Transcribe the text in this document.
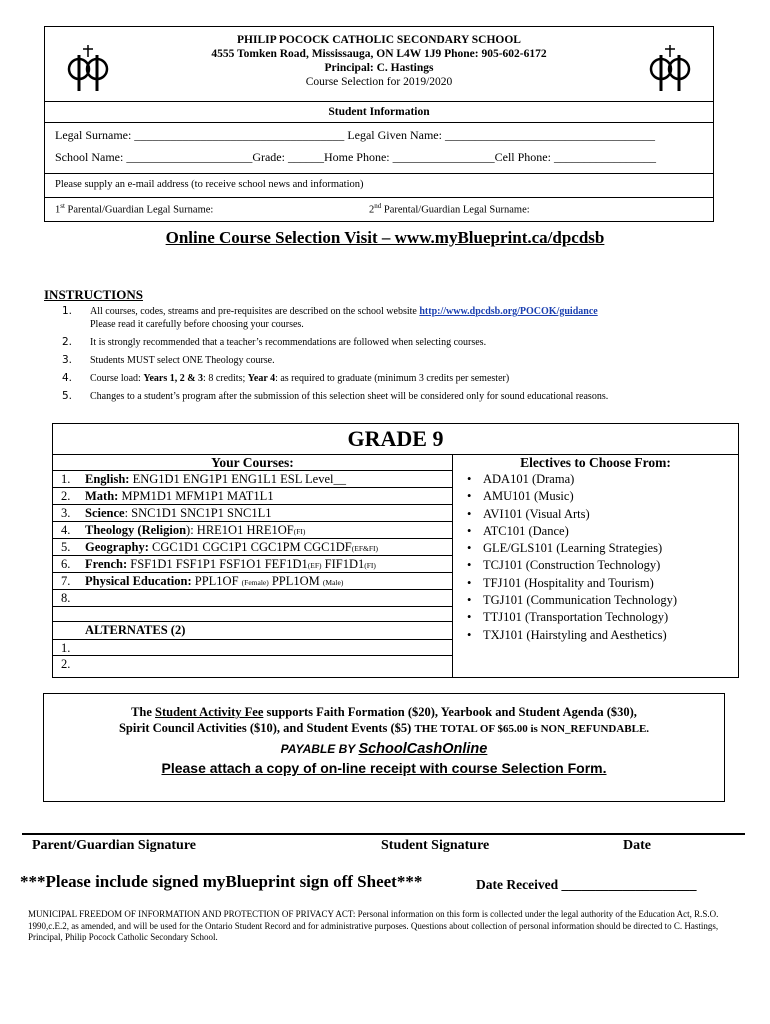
PHILIP POCOCK CATHOLIC SECONDARY SCHOOL
4555 Tomken Road, Mississauga, ON L4W 1J9 Phone: 905-602-6172
Principal: C. Hastings
Course Selection for 2019/2020
Student Information
Legal Surname: ___________________________________ Legal Given Name: ___________________________________
School Name: _____________________Grade: ______Home Phone: _________________Cell Phone: _________________
Please supply an e-mail address (to receive school news and information)
1st Parental/Guardian Legal Surname:	2nd Parental/Guardian Legal Surname:
Online Course Selection Visit – www.myBlueprint.ca/dpcdsb
INSTRUCTIONS
1.	All courses, codes, streams and pre-requisites are described on the school website http://www.dpcdsb.org/POCOK/guidance
Please read it carefully before choosing your courses.
2.	It is strongly recommended that a teacher’s recommendations are followed when selecting courses.
3.	Students MUST select ONE Theology course.
4.	Course load: Years 1, 2 & 3: 8 credits; Year 4: as required to graduate (minimum 3 credits per semester)
5.	Changes to a student’s program after the submission of this selection sheet will be considered only for sound educational reasons.
GRADE 9
Your Courses:
1. English: ENG1D1 ENG1P1 ENG1L1 ESL Level__
2. Math: MPM1D1 MFM1P1 MAT1L1
3. Science: SNC1D1 SNC1P1 SNC1L1
4. Theology (Religion): HRE1O1 HRE1OF(FI)
5. Geography: CGC1D1 CGC1P1 CGC1PM CGC1DF(EF&FI)
6. French: FSF1D1 FSF1P1 FSF1O1 FEF1D1(EF) FIF1D1(FI)
7. Physical Education: PPL1OF (Female) PPL1OM (Male)
8.
ALTERNATES (2)
1.
2.
Electives to Choose From:
• ADA101 (Drama)
• AMU101 (Music)
• AVI101 (Visual Arts)
• ATC101 (Dance)
• GLE/GLS101 (Learning Strategies)
• TCJ101 (Construction Technology)
• TFJ101 (Hospitality and Tourism)
• TGJ101 (Communication Technology)
• TTJ101 (Transportation Technology)
• TXJ101 (Hairstyling and Aesthetics)
The Student Activity Fee supports Faith Formation ($20), Yearbook and Student Agenda ($30),
Spirit Council Activities ($10), and Student Events ($5) THE TOTAL OF $65.00 is NON_REFUNDABLE.
PAYABLE BY SchoolCashOnline
Please attach a copy of on-line receipt with course Selection Form.
Parent/Guardian Signature	Student Signature	Date
***Please include signed myBlueprint sign off Sheet***	Date Received ____________________
MUNICIPAL FREEDOM OF INFORMATION AND PROTECTION OF PRIVACY ACT: Personal information on this form is collected under the legal authority of the Education Act, R.S.O. 1990,c.E.2, as amended, and will be used for the Ontario Student Record and for administrative purposes. Questions about collection of personal information should be directed to C. Hastings, Principal, Philip Pocock Catholic Secondary School.
